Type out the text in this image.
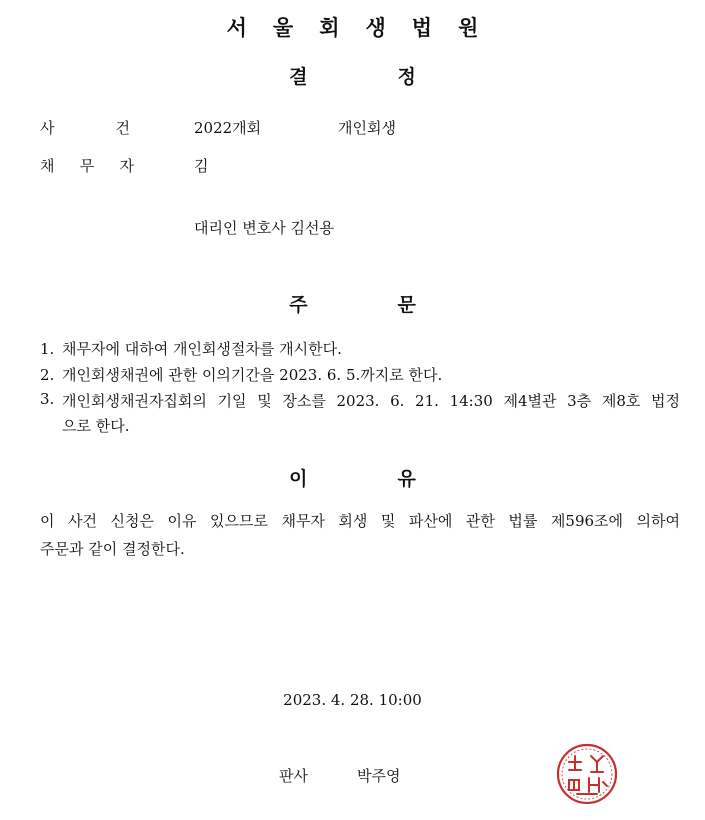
서울회생법원
결	정
사	건	2022개회	개인회생
채 무 자	김
대리인 변호사 김선용
주	문
1. 채무자에 대하여 개인회생절차를 개시한다.
2. 개인회생채권에 관한 이의기간을 2023. 6. 5.까지로 한다.
3. 개인회생채권자집회의 기일 및 장소를 2023. 6. 21. 14:30 제4별관 3층 제8호 법정
으로 한다.
이	유
이 사건 신청은 이유 있으므로 채무자 회생 및 파산에 관한 법률 제596조에 의하여
주문과 같이 결정한다.
2023. 4. 28. 10:00
판사	박주영
